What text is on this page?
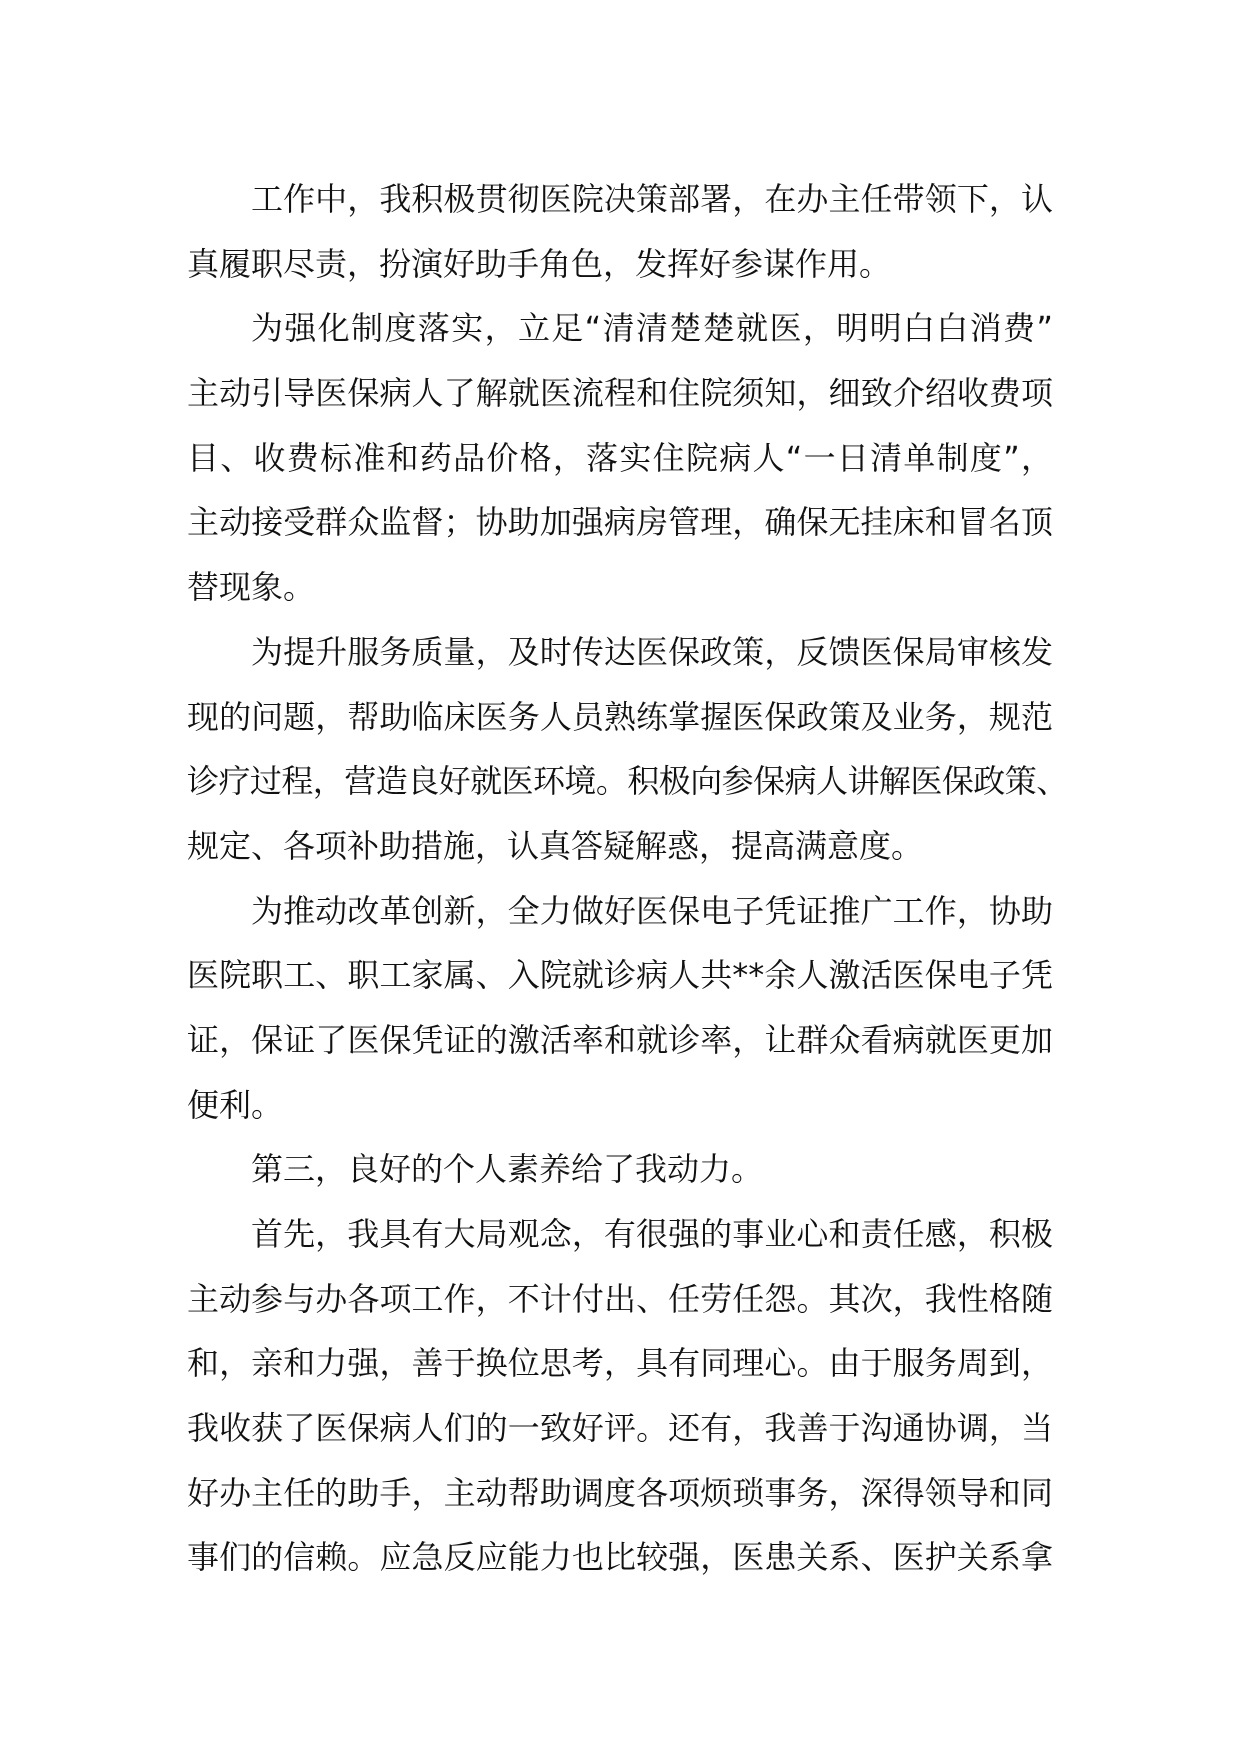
工作中，我积极贯彻医院决策部署，在办主任带领下，认
真履职尽责，扮演好助手角色，发挥好参谋作用。
为强化制度落实，立足“清清楚楚就医，明明白白消费”
主动引导医保病人了解就医流程和住院须知，细致介绍收费项
目、收费标准和药品价格，落实住院病人“一日清单制度”，
主动接受群众监督；协助加强病房管理，确保无挂床和冒名顶
替现象。
为提升服务质量，及时传达医保政策，反馈医保局审核发
现的问题，帮助临床医务人员熟练掌握医保政策及业务，规范
诊疗过程，营造良好就医环境。积极向参保病人讲解医保政策、
规定、各项补助措施，认真答疑解惑，提高满意度。
为推动改革创新，全力做好医保电子凭证推广工作，协助
医院职工、职工家属、入院就诊病人共**余人激活医保电子凭
证，保证了医保凭证的激活率和就诊率，让群众看病就医更加
便利。
第三，良好的个人素养给了我动力。
首先，我具有大局观念，有很强的事业心和责任感，积极
主动参与办各项工作，不计付出、任劳任怨。其次，我性格随
和，亲和力强，善于换位思考，具有同理心。由于服务周到，
我收获了医保病人们的一致好评。还有，我善于沟通协调，当
好办主任的助手，主动帮助调度各项烦琐事务，深得领导和同
事们的信赖。应急反应能力也比较强，医患关系、医护关系拿
